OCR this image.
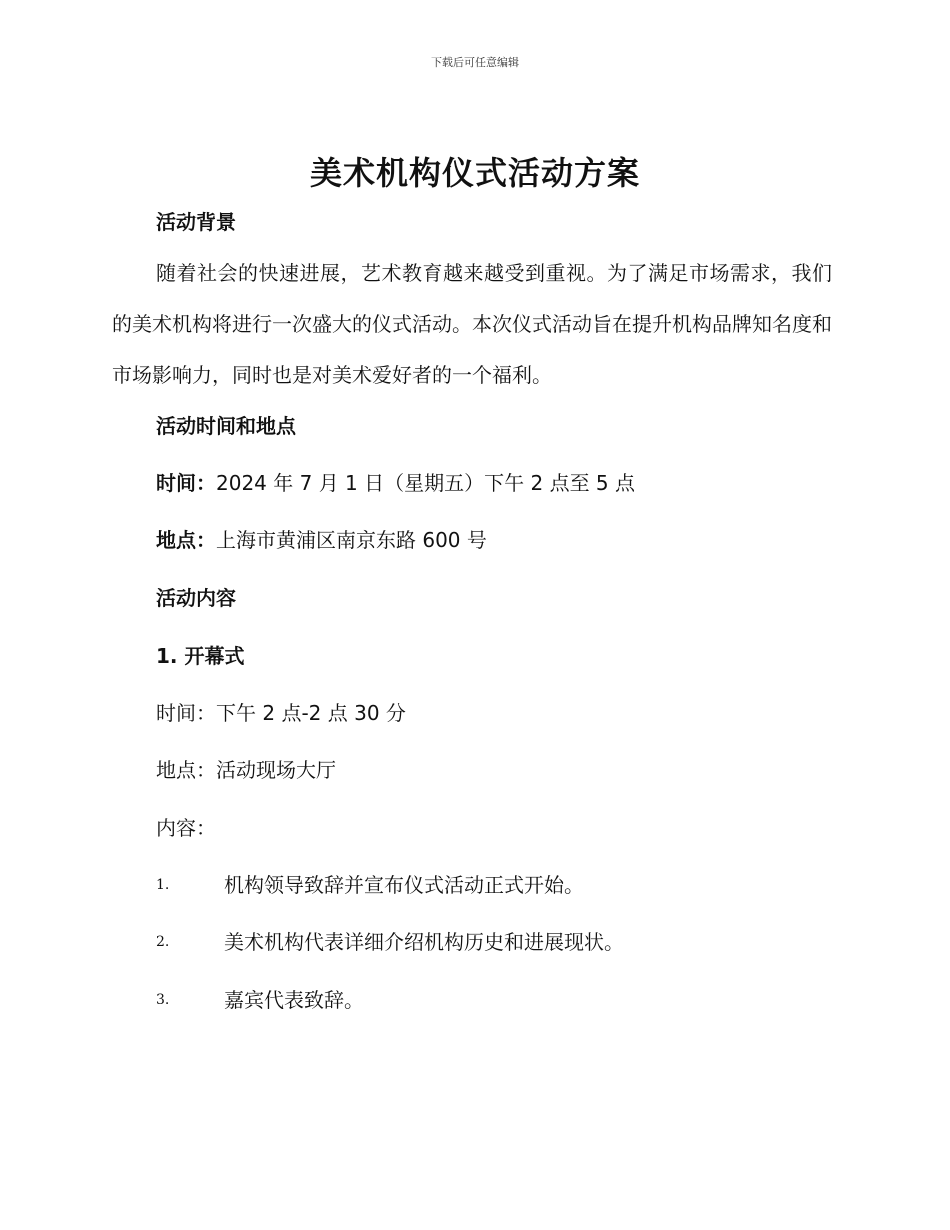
下载后可任意编辑
美术机构仪式活动方案
活动背景

随着社会的快速进展，艺术教育越来越受到重视。为了满足市场需求，我们的美术机构将进行一次盛大的仪式活动。本次仪式活动旨在提升机构品牌知名度和市场影响力，同时也是对美术爱好者的一个福利。

活动时间和地点
时间：2024 年 7 月 1 日（星期五）下午 2 点至 5 点
地点：上海市黄浦区南京东路 600 号
活动内容
1. 开幕式
时间：下午 2 点-2 点 30 分
地点：活动现场大厅
内容：
1.	机构领导致辞并宣布仪式活动正式开始。
2.	美术机构代表详细介绍机构历史和进展现状。
3.	嘉宾代表致辞。
